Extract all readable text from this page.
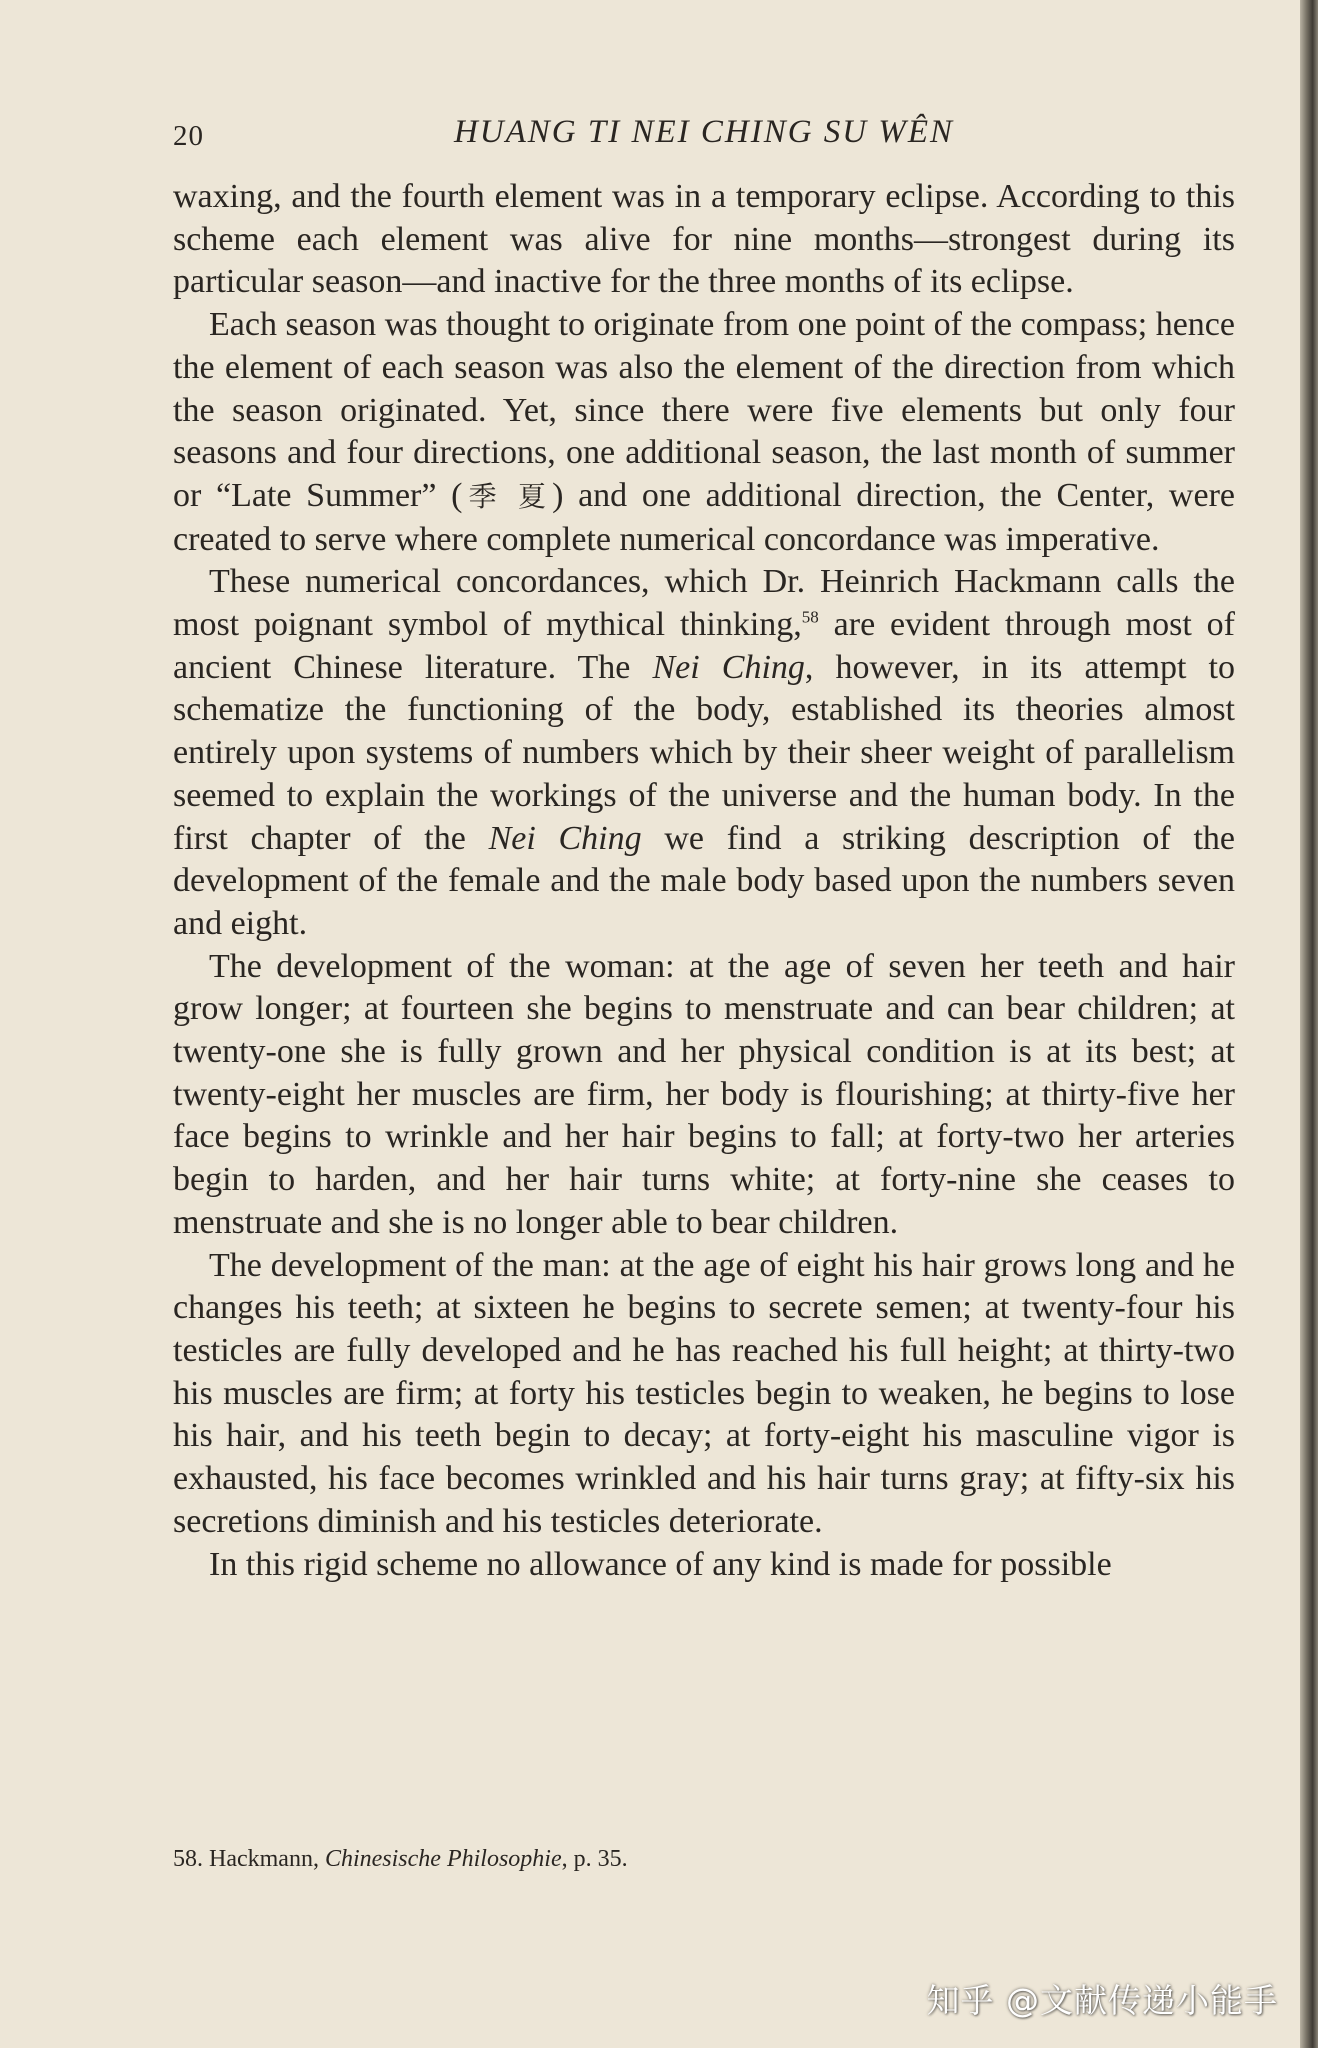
20	HUANG TI NEI CHING SU WÊN

waxing, and the fourth element was in a temporary eclipse. According to this scheme each element was alive for nine months—strongest during its particular season—and inactive for the three months of its eclipse.

Each season was thought to originate from one point of the compass; hence the element of each season was also the element of the direction from which the season originated. Yet, since there were five elements but only four seasons and four directions, one additional season, the last month of summer or “Late Summer” (季 夏) and one additional direction, the Center, were created to serve where complete numerical concordance was imperative.

These numerical concordances, which Dr. Heinrich Hackmann calls the most poignant symbol of mythical thinking,$^{58}$ are evident through most of ancient Chinese literature. The Nei Ching, however, in its attempt to schematize the functioning of the body, established its theories almost entirely upon systems of numbers which by their sheer weight of parallelism seemed to explain the workings of the universe and the human body. In the first chapter of the Nei Ching we find a striking description of the development of the female and the male body based upon the numbers seven and eight.

The development of the woman: at the age of seven her teeth and hair grow longer; at fourteen she begins to menstruate and can bear children; at twenty-one she is fully grown and her physical condition is at its best; at twenty-eight her muscles are firm, her body is flourishing; at thirty-five her face begins to wrinkle and her hair begins to fall; at forty-two her arteries begin to harden, and her hair turns white; at forty-nine she ceases to menstruate and she is no longer able to bear children.

The development of the man: at the age of eight his hair grows long and he changes his teeth; at sixteen he begins to secrete semen; at twenty-four his testicles are fully developed and he has reached his full height; at thirty-two his muscles are firm; at forty his testicles begin to weaken, he begins to lose his hair, and his teeth begin to decay; at forty-eight his masculine vigor is exhausted, his face becomes wrinkled and his hair turns gray; at fifty-six his secretions diminish and his testicles deteriorate.

In this rigid scheme no allowance of any kind is made for possible

58. Hackmann, Chinesische Philosophie, p. 35.
知乎 @文献传递小能手
